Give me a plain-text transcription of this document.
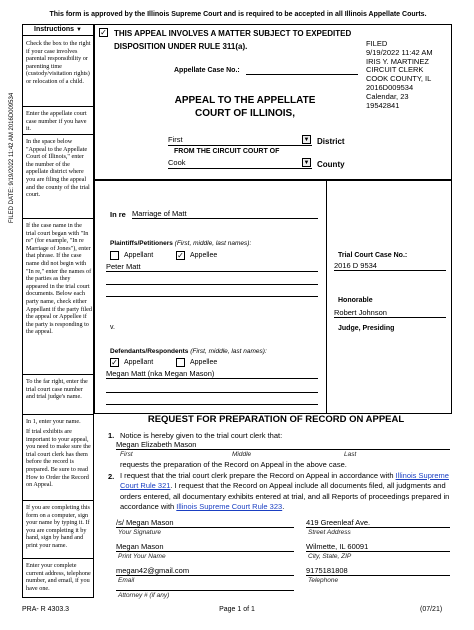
This form is approved by the Illinois Supreme Court and is required to be accepted in all Illinois Appellate Courts.
FILED DATE: 9/19/2022 11:42 AM 2016D009534
Instructions ▼

Check the box to the right if your case involves parental responsibility or parenting time (custody/visitation rights) or relocation of a child.

Enter the appellate court case number if you have it.

In the space below "Appeal to the Appellate Court of Illinois," enter the number of the appellate district where you are filing the appeal and the county of the trial court.

If the case name in the trial court began with "In re" (for example, "In re Marriage of Jones"), enter that phrase. If the case name did not begin with "In re," enter the names of the parties as they appeared in the trial court documents. Below each party name, check either Appellant if the party filed the appeal or Appellee if the party is responding to the appeal.

To the far right, enter the trial court case number and trial judge's name.

In 1, enter your name.

If trial exhibits are important to your appeal, you need to make sure the trial court clerk has them before the record is prepared. Be sure to read How to Order the Record on Appeal.

If you are completing this form on a computer, sign your name by typing it. If you are completing it by hand, sign by hand and print your name.

Enter your complete current address, telephone number, and email, if you have one.

✓ THIS APPEAL INVOLVES A MATTER SUBJECT TO EXPEDITED DISPOSITION UNDER RULE 311(a).	FILED
9/19/2022 11:42 AM
IRIS Y. MARTINEZ
CIRCUIT CLERK
COOK COUNTY, IL
2016D009534
Calendar, 23
19542841
Appellate Case No.:
APPEAL TO THE APPELLATE
COURT OF ILLINOIS,
First	▼ District
FROM THE CIRCUIT COURT OF
Cook	▼ County
In re Marriage of Matt
Plaintiffs/Petitioners (First, middle, last names):
Appellant	✓ Appellee
Peter Matt
v.
Defendants/Respondents (First, middle, last names):
✓ Appellant	Appellee
Megan Matt (nka Megan Mason)
Trial Court Case No.:
2016 D 9534
Honorable
Robert Johnson
Judge, Presiding
REQUEST FOR PREPARATION OF RECORD ON APPEAL
1. Notice is hereby given to the trial court clerk that:
Megan Elizabeth Mason
First	Middle	Last
requests the preparation of the Record on Appeal in the above case.
2. I request that the trial court clerk prepare the Record on Appeal in accordance with Illinois Supreme Court Rule 321. I request that the Record on Appeal include all documents filed, all judgments and orders entered, all documentary exhibits entered at trial, and all Reports of proceedings prepared in accordance with Illinois Supreme Court Rule 323.
/s/ Megan Mason
Your Signature
419 Greenleaf Ave.
Street Address
Megan Mason
Print Your Name
Wilmette, IL 60091
City, State, ZIP
megan42@gmail.com
Email
9175181808
Telephone
Attorney # (if any)
PRA- R 4303.3	Page 1 of 1	(07/21)
